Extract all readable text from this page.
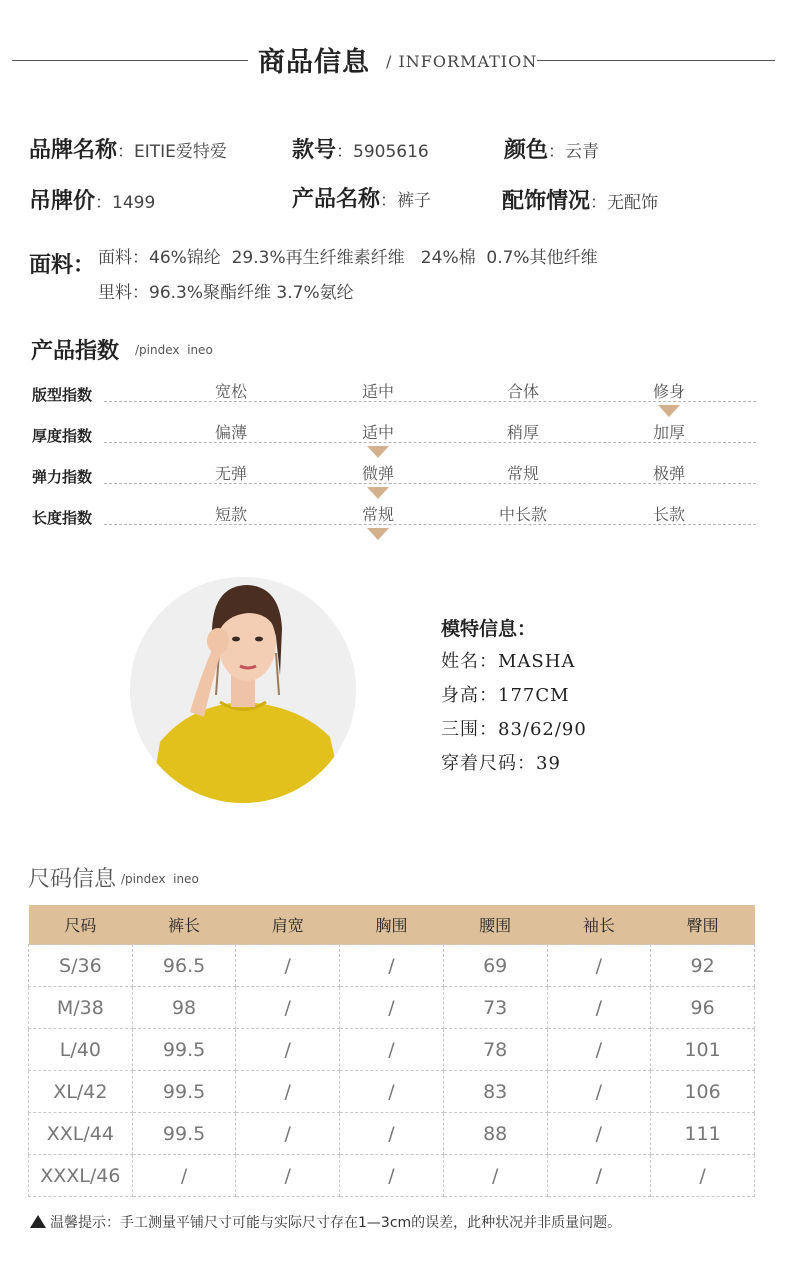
商品信息 / INFORMATION
品牌名称：EITIE爱特爱	款号：5905616	颜色：云青
吊牌价：1499	产品名称：裤子	配饰情况：无配饰
面料： 面料：46%锦纶  29.3%再生纤维素纤维   24%棉  0.7%其他纤维
里料：96.3%聚酯纤维 3.7%氨纶
产品指数 /pindex  ineo
版型指数	宽松	适中	合体	修身
厚度指数	偏薄	适中	稍厚	加厚
弹力指数	无弹	微弹	常规	极弹
长度指数	短款	常规	中长款	长款
模特信息：
姓名：MASHA
身高：177CM
三围：83/62/90
穿着尺码：39
尺码信息 /pindex  ineo
尺码	裤长	肩宽	胸围	腰围	袖长	臀围
S/36	96.5	/	/	69	/	92
M/38	98	/	/	73	/	96
L/40	99.5	/	/	78	/	101
XL/42	99.5	/	/	83	/	106
XXL/44	99.5	/	/	88	/	111
XXXL/46	/	/	/	/	/	/
温馨提示：手工测量平铺尺寸可能与实际尺寸存在1—3cm的误差，此种状况并非质量问题。
